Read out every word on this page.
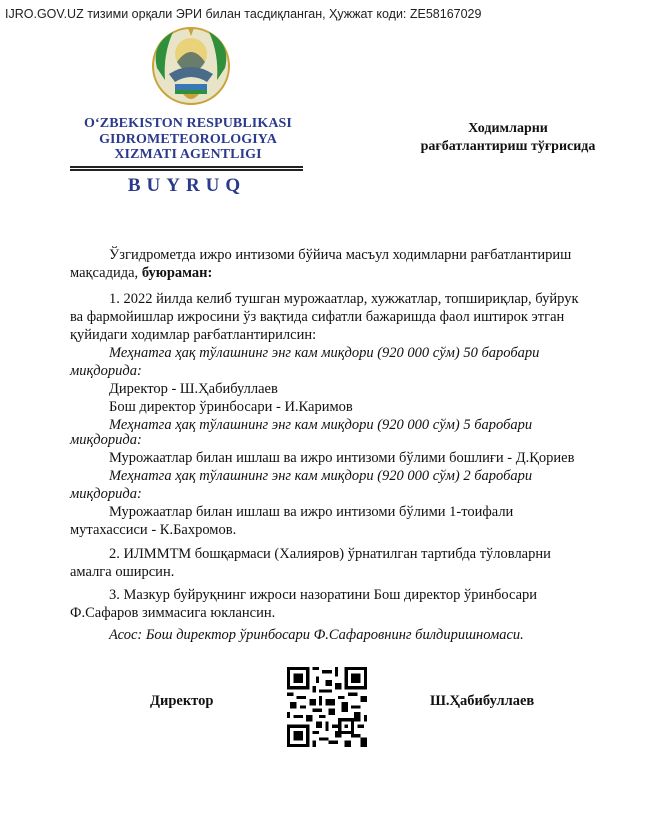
IJRO.GOV.UZ тизими орқали ЭРИ билан тасдиқланган, Ҳужжат коди: ZE58167029
O‘ZBEKISTON RESPUBLIKASI
GIDROMETEOROLOGIYA
XIZMATI AGENTLIGI
BUYRUQ
Ходимларни
рағбатлантириш тўғрисида
Ўзгидрометда ижро интизоми бўйича масъул ходимларни рағбатлантириш
мақсадида, буюраман:
1. 2022 йилда келиб тушган мурожаатлар, хужжатлар, топшириқлар, буйрук
ва фармойишлар ижросини ўз вақтида сифатли бажаришда фаол иштирок этган
қуйидаги ходимлар рағбатлантирилсин:
Меҳнатга ҳақ тўлашнинг энг кам миқдори (920 000 сўм) 50 баробари
миқдорида:
Директор - Ш.Ҳабибуллаев
Бош директор ўринбосари - И.Каримов
Меҳнатга ҳақ тўлашнинг энг кам миқдори (920 000 сўм) 5 баробари
миқдорида:
Мурожаатлар билан ишлаш ва ижро интизоми бўлими бошлиғи - Д.Қориев
Меҳнатга ҳақ тўлашнинг энг кам миқдори (920 000 сўм) 2 баробари
миқдорида:
Мурожаатлар билан ишлаш ва ижро интизоми бўлими 1-тоифали
мутахассиси - К.Бахромов.
2. ИЛММТМ бошқармаси (Халияров) ўрнатилган тартибда тўловларни
амалга оширсин.
3. Мазкур буйруқнинг ижроси назоратини Бош директор ўринбосари
Ф.Сафаров зиммасига юклансин.
Асос: Бош директор ўринбосари Ф.Сафаровнинг билдиришномаси.
Директор	Ш.Ҳабибуллаев
